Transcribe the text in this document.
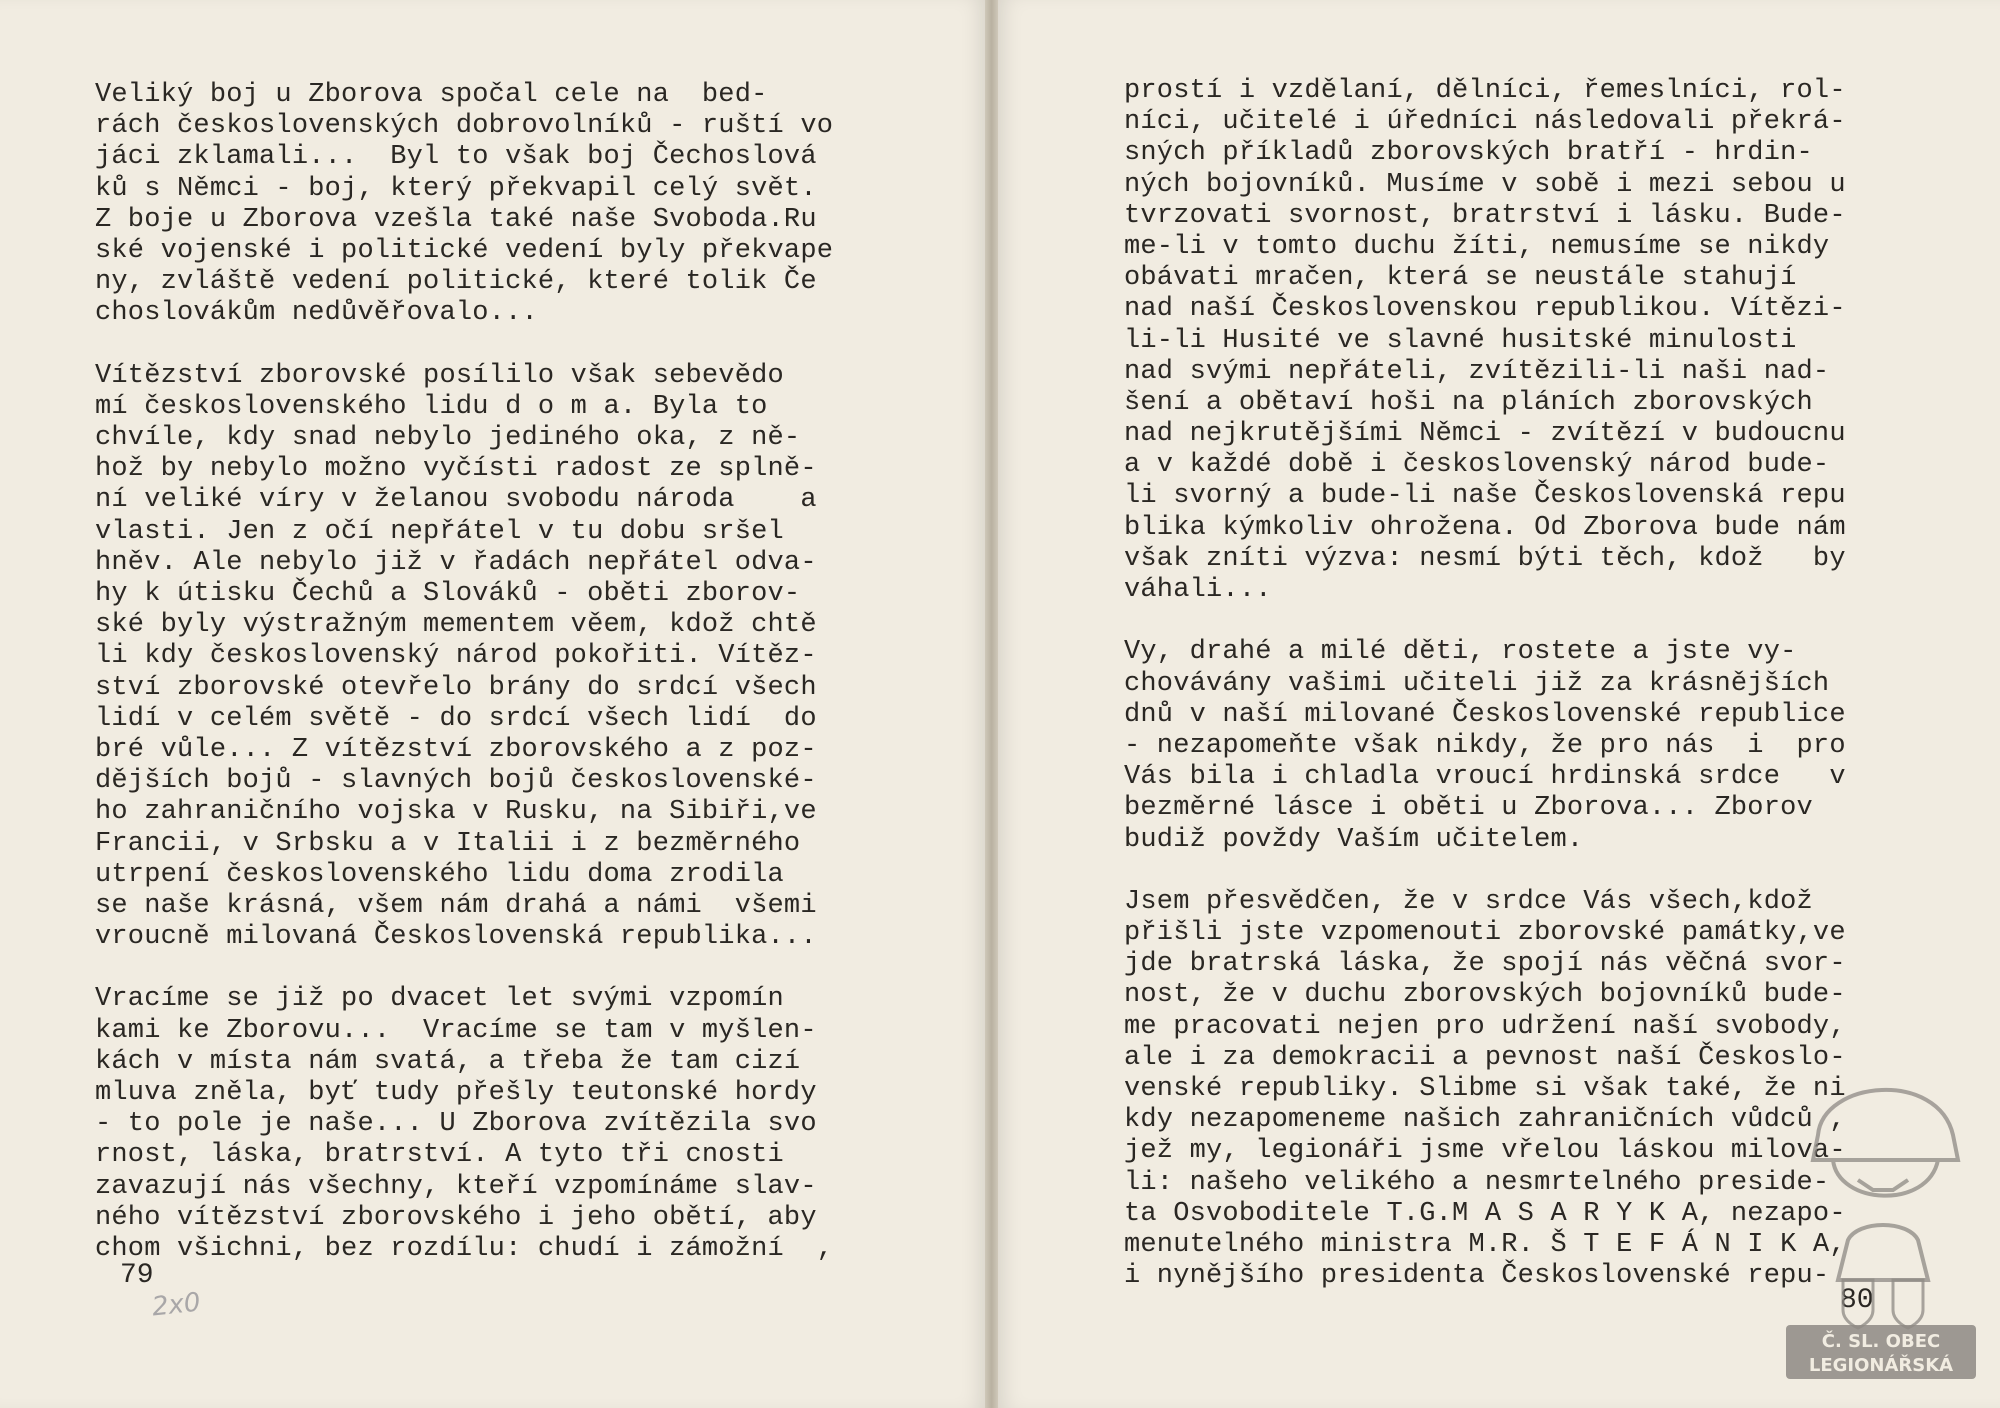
Veliký boj u Zborova spočal cele na  bed-
rách československých dobrovolníků - ruští vo
jáci zklamali...  Byl to však boj Čechoslová
ků s Němci - boj, který překvapil celý svět.
Z boje u Zborova vzešla také naše Svoboda.Ru
ské vojenské i politické vedení byly překvape
ny, zvláště vedení politické, které tolik Če
choslovákům nedůvěřovalo...
Vítězství zborovské posílilo však sebevědo
mí československého lidu d o m a. Byla to
chvíle, kdy snad nebylo jediného oka, z ně-
hož by nebylo možno vyčísti radost ze splně-
ní veliké víry v želanou svobodu národa    a
vlasti. Jen z očí nepřátel v tu dobu sršel
hněv. Ale nebylo již v řadách nepřátel odva-
hy k útisku Čechů a Slováků - oběti zborov-
ské byly výstražným mementem věem, kdož chtě
li kdy československý národ pokořiti. Vítěz-
ství zborovské otevřelo brány do srdcí všech
lidí v celém světě - do srdcí všech lidí  do
bré vůle... Z vítězství zborovského a z poz-
dějších bojů - slavných bojů československé-
ho zahraničního vojska v Rusku, na Sibiři,ve
Francii, v Srbsku a v Italii i z bezměrného
utrpení československého lidu doma zrodila
se naše krásná, všem nám drahá a námi  všemi
vroucně milovaná Československá republika...
Vracíme se již po dvacet let svými vzpomín
kami ke Zborovu...  Vracíme se tam v myšlen-
kách v místa nám svatá, a třeba že tam cizí
mluva zněla, byť tudy přešly teutonské hordy
- to pole je naše... U Zborova zvítězila svo
rnost, láska, bratrství. A tyto tři cnosti
zavazují nás všechny, kteří vzpomínáme slav-
ného vítězství zborovského i jeho obětí, aby
chom všichni, bez rozdílu: chudí i zámožní  ,
prostí i vzdělaní, dělníci, řemeslníci, rol-
níci, učitelé i úředníci následovali překrá-
sných příkladů zborovských bratří - hrdin-
ných bojovníků. Musíme v sobě i mezi sebou u
tvrzovati svornost, bratrství i lásku. Bude-
me-li v tomto duchu žíti, nemusíme se nikdy
obávati mračen, která se neustále stahují
nad naší Československou republikou. Vítězi-
li-li Husité ve slavné husitské minulosti
nad svými nepřáteli, zvítězili-li naši nad-
šení a obětaví hoši na pláních zborovských
nad nejkrutějšími Němci - zvítězí v budoucnu
a v každé době i československý národ bude-
li svorný a bude-li naše Československá repu
blika kýmkoliv ohrožena. Od Zborova bude nám
však zníti výzva: nesmí býti těch, kdož   by
váhali...
Vy, drahé a milé děti, rostete a jste vy-
chovávány vašimi učiteli již za krásnějších
dnů v naší milované Československé republice
- nezapomeňte však nikdy, že pro nás  i  pro
Vás bila i chladla vroucí hrdinská srdce   v
bezměrné lásce i oběti u Zborova... Zborov
budiž povždy Vaším učitelem.
Jsem přesvědčen, že v srdce Vás všech,kdož
přišli jste vzpomenouti zborovské památky,ve
jde bratrská láska, že spojí nás věčná svor-
nost, že v duchu zborovských bojovníků bude-
me pracovati nejen pro udržení naší svobody,
ale i za demokracii a pevnost naší Českoslo-
venské republiky. Slibme si však také, že ni
kdy nezapomeneme našich zahraničních vůdců ,
jež my, legionáři jsme vřelou láskou milova-
li: našeho velikého a nesmrtelného preside-
ta Osvoboditele T.G.M A S A R Y K A, nezapo-
menutelného ministra M.R. Š T E F Á N I K A,
i nynějšího presidenta Československé repu-
79
2x0	80
Č. SL. OBEC
LEGIONÁŘSKÁ
